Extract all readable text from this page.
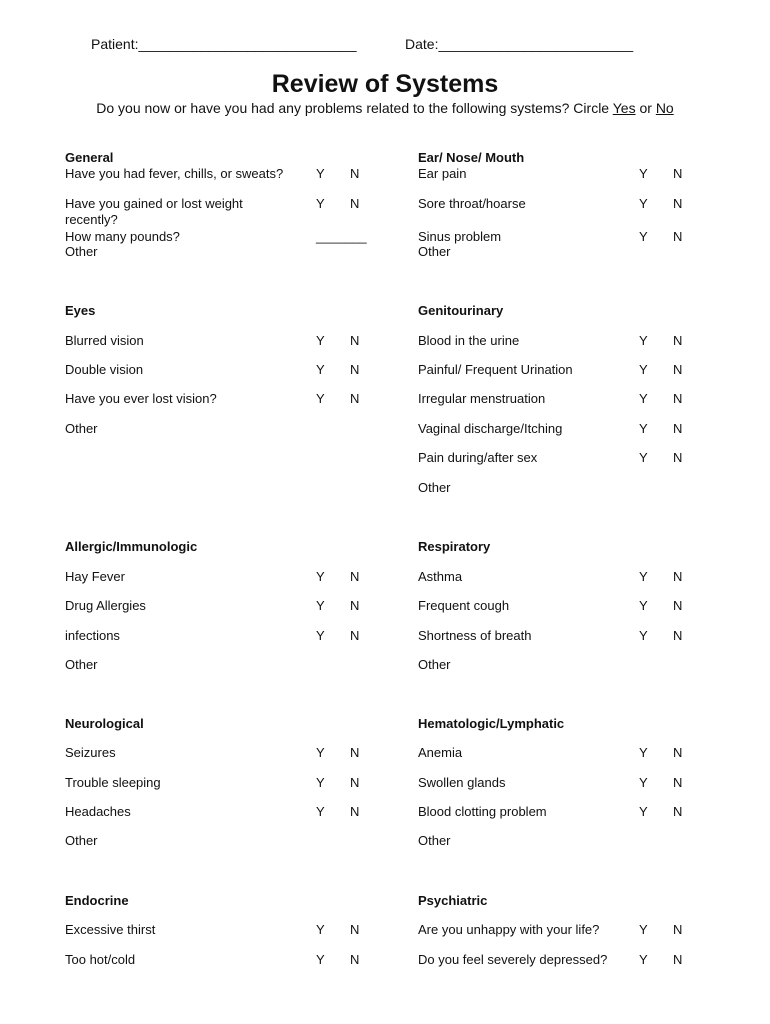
Patient:____________________________	Date:_________________________
Review of Systems
Do you now or have you had any problems related to the following systems? Circle Yes or No
General
Have you had fever, chills, or sweats?	Y N
Have you gained or lost weight	Y N
recently?
How many pounds?	_______
Other
Eyes
Blurred vision	Y N
Double vision	Y N
Have you ever lost vision?	Y N
Other
Allergic/Immunologic
Hay Fever	Y N
Drug Allergies	Y N
infections	Y N
Other
Neurological
Seizures	Y N
Trouble sleeping	Y N
Headaches	Y N
Other
Endocrine
Excessive thirst	Y N
Too hot/cold	Y N
Ear/ Nose/ Mouth
Ear pain	Y N
Sore throat/hoarse	Y N
Sinus problem	Y N
Other
Genitourinary
Blood in the urine	Y N
Painful/ Frequent Urination	Y N
Irregular menstruation	Y N
Vaginal discharge/Itching	Y N
Pain during/after sex	Y N
Other
Respiratory
Asthma	Y N
Frequent cough	Y N
Shortness of breath	Y N
Other
Hematologic/Lymphatic
Anemia	Y N
Swollen glands	Y N
Blood clotting problem	Y N
Other
Psychiatric
Are you unhappy with your life?	Y N
Do you feel severely depressed? Y N
